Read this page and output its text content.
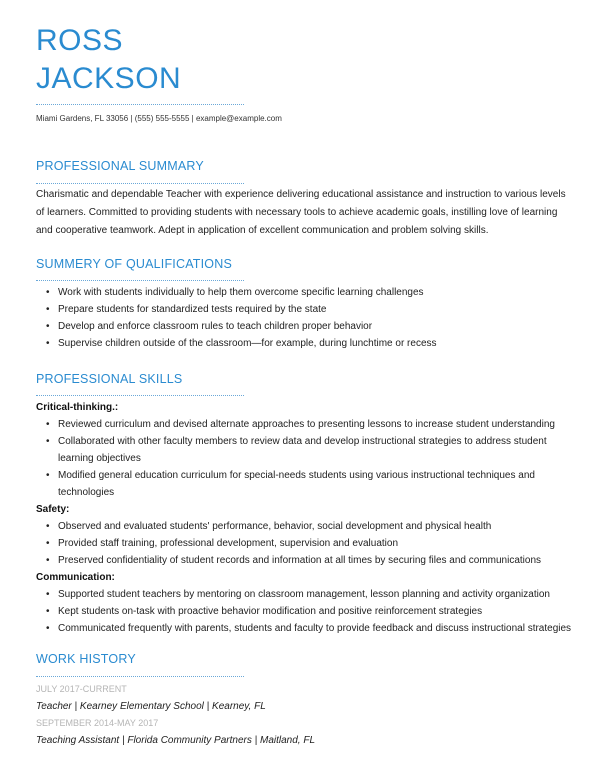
ROSS
JACKSON
Miami Gardens, FL 33056 | (555) 555-5555 | example@example.com
PROFESSIONAL SUMMARY
Charismatic and dependable Teacher with experience delivering educational assistance and instruction to various levels of learners. Committed to providing students with necessary tools to achieve academic goals, instilling love of learning and cooperative teamwork. Adept in application of excellent communication and problem solving skills.
SUMMERY OF QUALIFICATIONS
• Work with students individually to help them overcome specific learning challenges
• Prepare students for standardized tests required by the state
• Develop and enforce classroom rules to teach children proper behavior
• Supervise children outside of the classroom—for example, during lunchtime or recess
PROFESSIONAL SKILLS
Critical-thinking.:
• Reviewed curriculum and devised alternate approaches to presenting lessons to increase student understanding
• Collaborated with other faculty members to review data and develop instructional strategies to address student learning objectives
• Modified general education curriculum for special-needs students using various instructional techniques and technologies
Safety:
• Observed and evaluated students' performance, behavior, social development and physical health
• Provided staff training, professional development, supervision and evaluation
• Preserved confidentiality of student records and information at all times by securing files and communications
Communication:
• Supported student teachers by mentoring on classroom management, lesson planning and activity organization
• Kept students on-task with proactive behavior modification and positive reinforcement strategies
• Communicated frequently with parents, students and faculty to provide feedback and discuss instructional strategies
WORK HISTORY
JULY 2017-CURRENT
Teacher | Kearney Elementary School | Kearney, FL
SEPTEMBER 2014-MAY 2017
Teaching Assistant | Florida Community Partners | Maitland, FL
